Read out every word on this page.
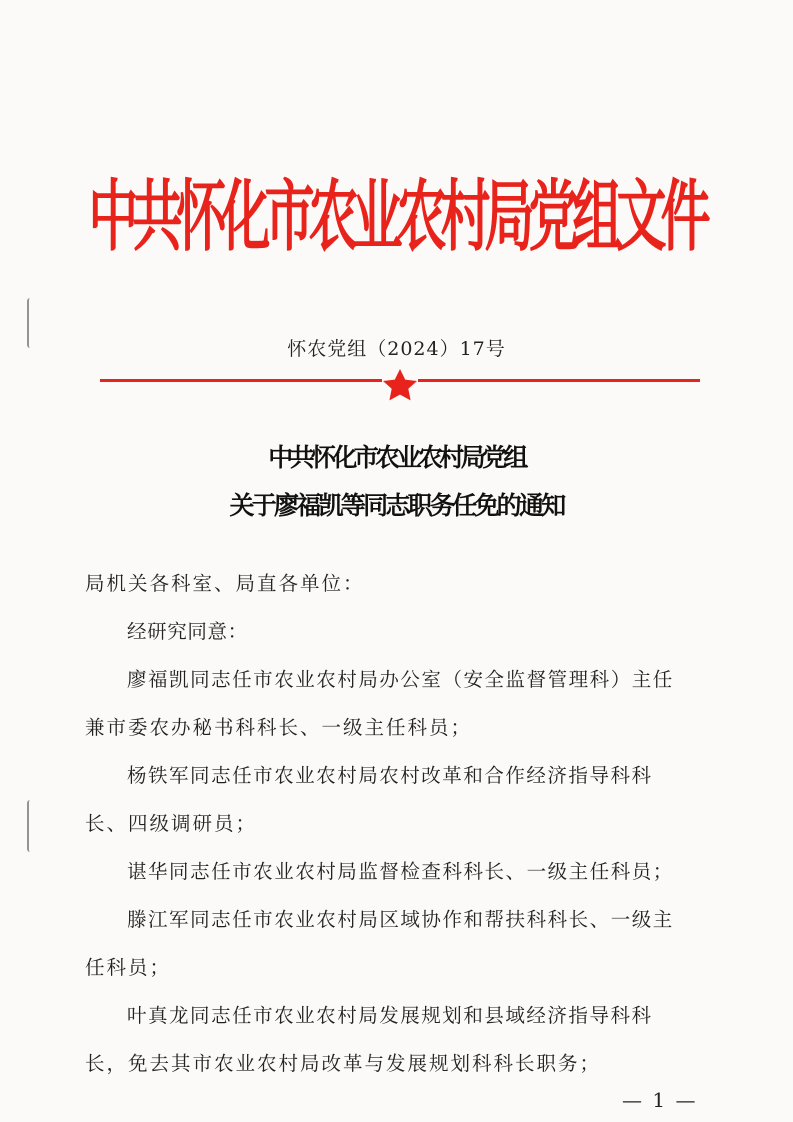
中共怀化市农业农村局党组文件
怀农党组（2024）17号
中共怀化市农业农村局党组
关于廖福凯等同志职务任免的通知
局机关各科室、局直各单位：
经研究同意：
廖福凯同志任市农业农村局办公室（安全监督管理科）主任
兼市委农办秘书科科长、一级主任科员；
杨铁军同志任市农业农村局农村改革和合作经济指导科科
长、四级调研员；
谌华同志任市农业农村局监督检查科科长、一级主任科员；
滕江军同志任市农业农村局区域协作和帮扶科科长、一级主
任科员；
叶真龙同志任市农业农村局发展规划和县域经济指导科科
长，免去其市农业农村局改革与发展规划科科长职务；
— 1 —
